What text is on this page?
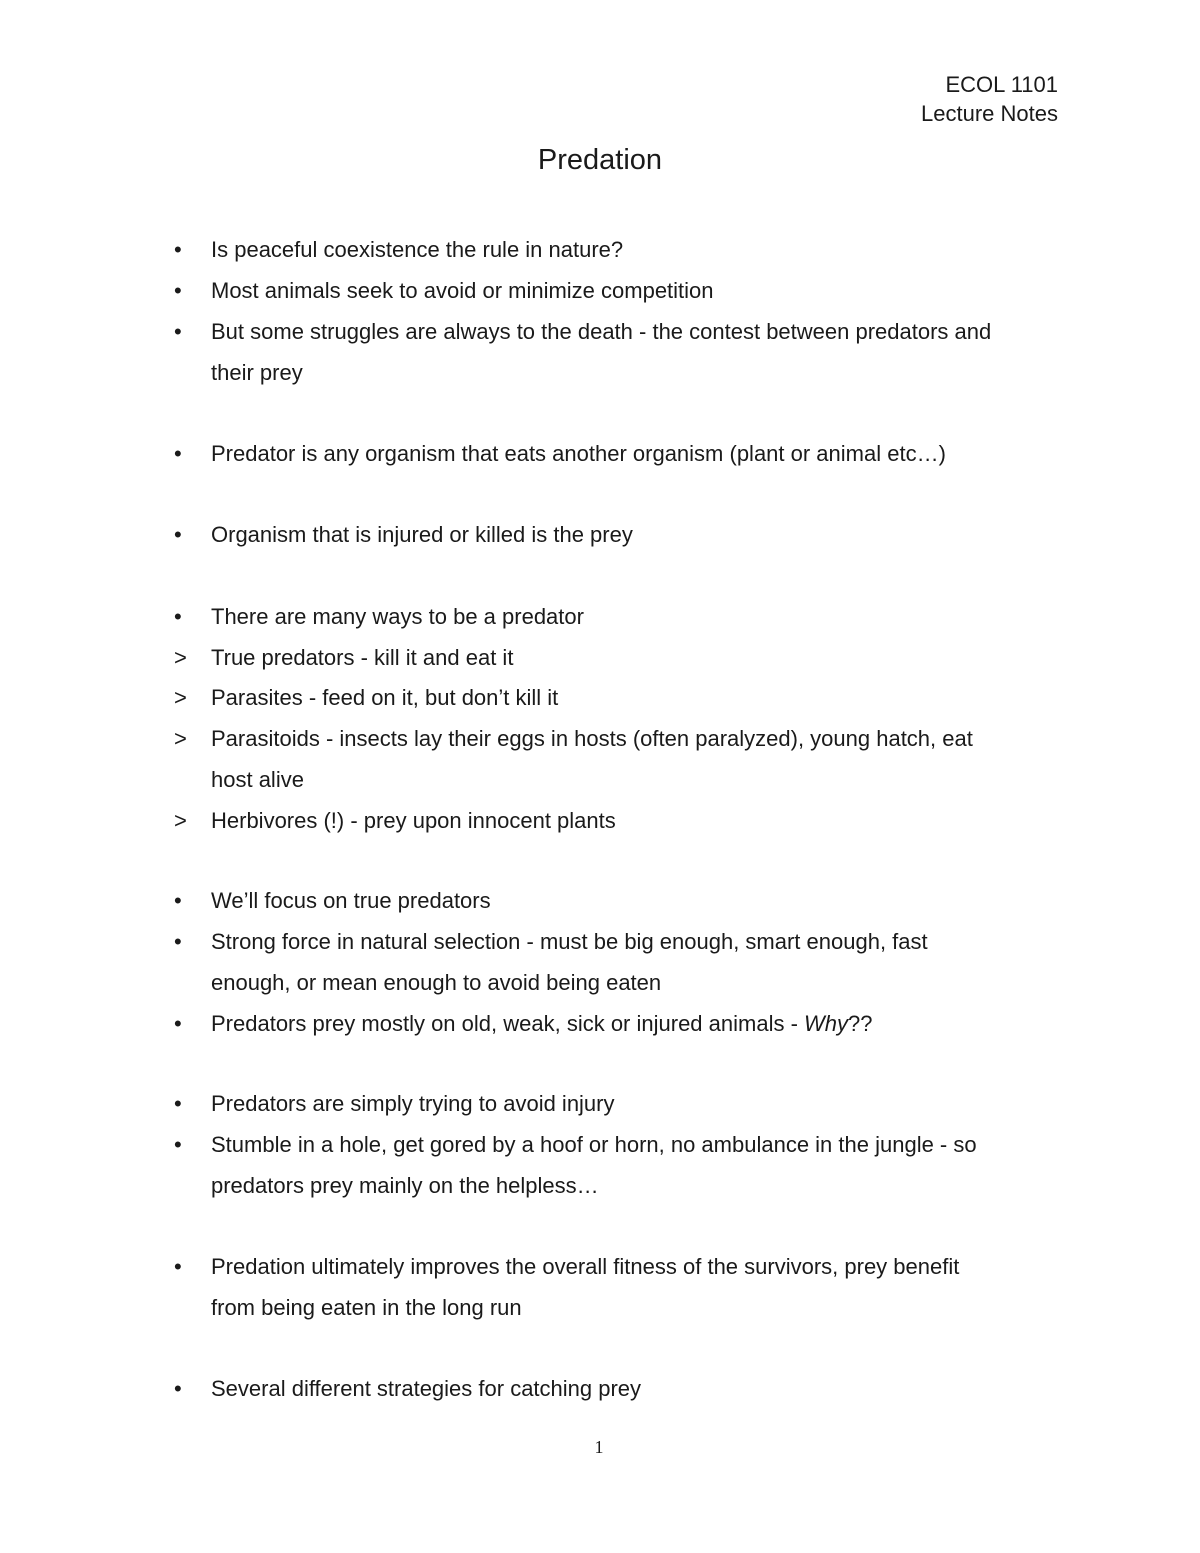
ECOL 1101
Lecture Notes
Predation
•	Is peaceful coexistence the rule in nature?
•	Most animals seek to avoid or minimize competition
•	But some struggles are always to the death - the contest between predators and
their prey
•	Predator is any organism that eats another organism (plant or animal etc…)
•	Organism that is injured or killed is the prey
•	There are many ways to be a predator
>	True predators - kill it and eat it
>	Parasites - feed on it, but don’t kill it
>	Parasitoids - insects lay their eggs in hosts (often paralyzed), young hatch, eat
host alive
>	Herbivores (!) - prey upon innocent plants
•	We’ll focus on true predators
•	Strong force in natural selection - must be big enough, smart enough, fast
enough, or mean enough to avoid being eaten
•	Predators prey mostly on old, weak, sick or injured animals - Why??
•	Predators are simply trying to avoid injury
•	Stumble in a hole, get gored by a hoof or horn, no ambulance in the jungle - so
predators prey mainly on the helpless…
•	Predation ultimately improves the overall fitness of the survivors, prey benefit
from being eaten in the long run
•	Several different strategies for catching prey
1
